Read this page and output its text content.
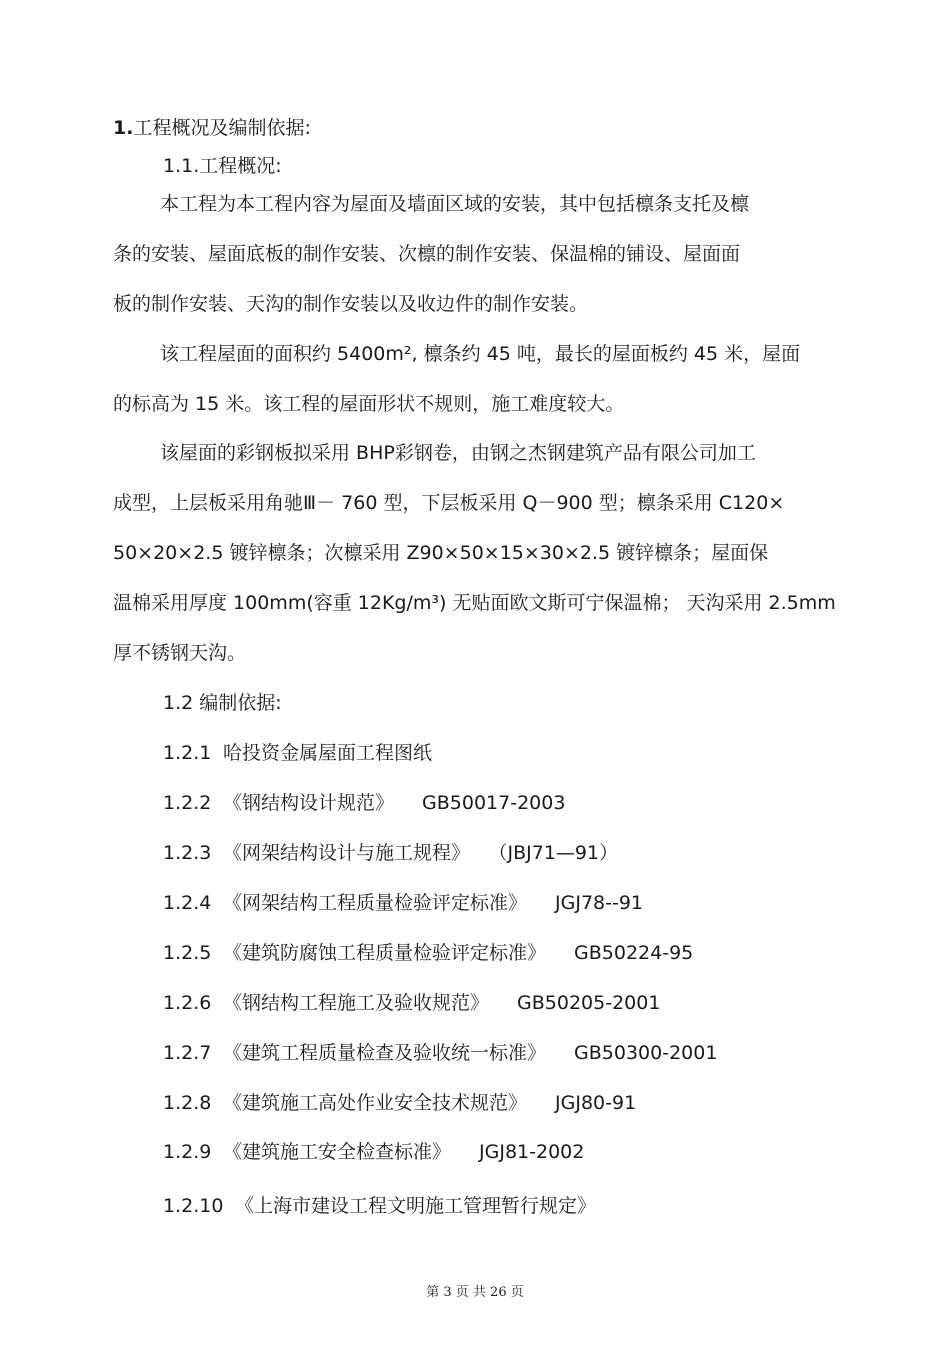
1.工程概况及编制依据:
1.1.工程概况:
本工程为本工程内容为屋面及墙面区域的安装，其中包括檩条支托及檩
条的安装、屋面底板的制作安装、次檩的制作安装、保温棉的铺设、屋面面
板的制作安装、天沟的制作安装以及收边件的制作安装。
该工程屋面的面积约 5400m², 檩条约 45 吨，最长的屋面板约 45 米，屋面
的标高为 15 米。该工程的屋面形状不规则，施工难度较大。
该屋面的彩钢板拟采用 BHP彩钢卷，由钢之杰钢建筑产品有限公司加工
成型，上层板采用角驰Ⅲ－ 760 型，下层板采用 Q－900 型；檩条采用 C120×
50×20×2.5 镀锌檩条；次檩采用 Z90×50×15×30×2.5 镀锌檩条；屋面保
温棉采用厚度 100mm(容重 12Kg/m³) 无贴面欧文斯可宁保温棉； 天沟采用 2.5mm
厚不锈钢天沟。
1.2 编制依据:
1.2.1 哈投资金属屋面工程图纸
1.2.2 《钢结构设计规范》 GB50017-2003
1.2.3 《网架结构设计与施工规程》 （JBJ71—91）
1.2.4 《网架结构工程质量检验评定标准》 JGJ78--91
1.2.5 《建筑防腐蚀工程质量检验评定标准》 GB50224-95
1.2.6 《钢结构工程施工及验收规范》 GB50205-2001
1.2.7 《建筑工程质量检查及验收统一标准》 GB50300-2001
1.2.8 《建筑施工高处作业安全技术规范》 JGJ80-91
1.2.9 《建筑施工安全检查标准》 JGJ81-2002
1.2.10 《上海市建设工程文明施工管理暂行规定》
第 3 页 共 26 页
